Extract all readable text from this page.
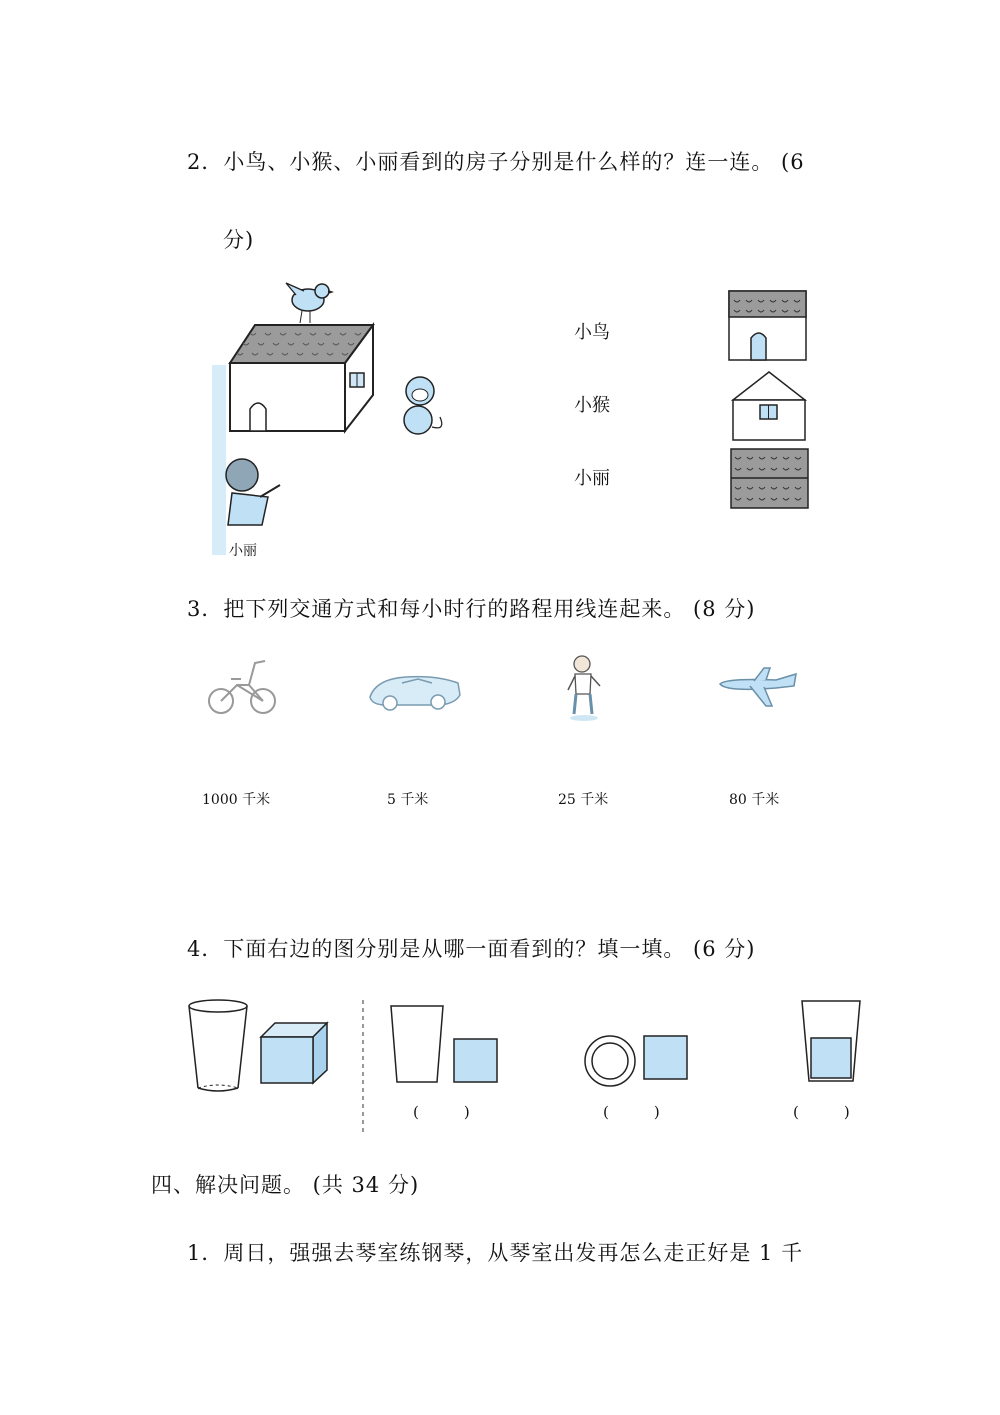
2．小鸟、小猴、小丽看到的房子分别是什么样的？连一连。 (6
分)
小丽
小鸟
小猴
小丽
3．把下列交通方式和每小时行的路程用线连起来。 (8 分)
1000 千米	5 千米	25 千米	80 千米
4．下面右边的图分别是从哪一面看到的？填一填。 (6 分)
(　　　)	(　　　)	(　　　)
四、解决问题。 (共 34 分)
1．周日，强强去琴室练钢琴，从琴室出发再怎么走正好是 1 千
